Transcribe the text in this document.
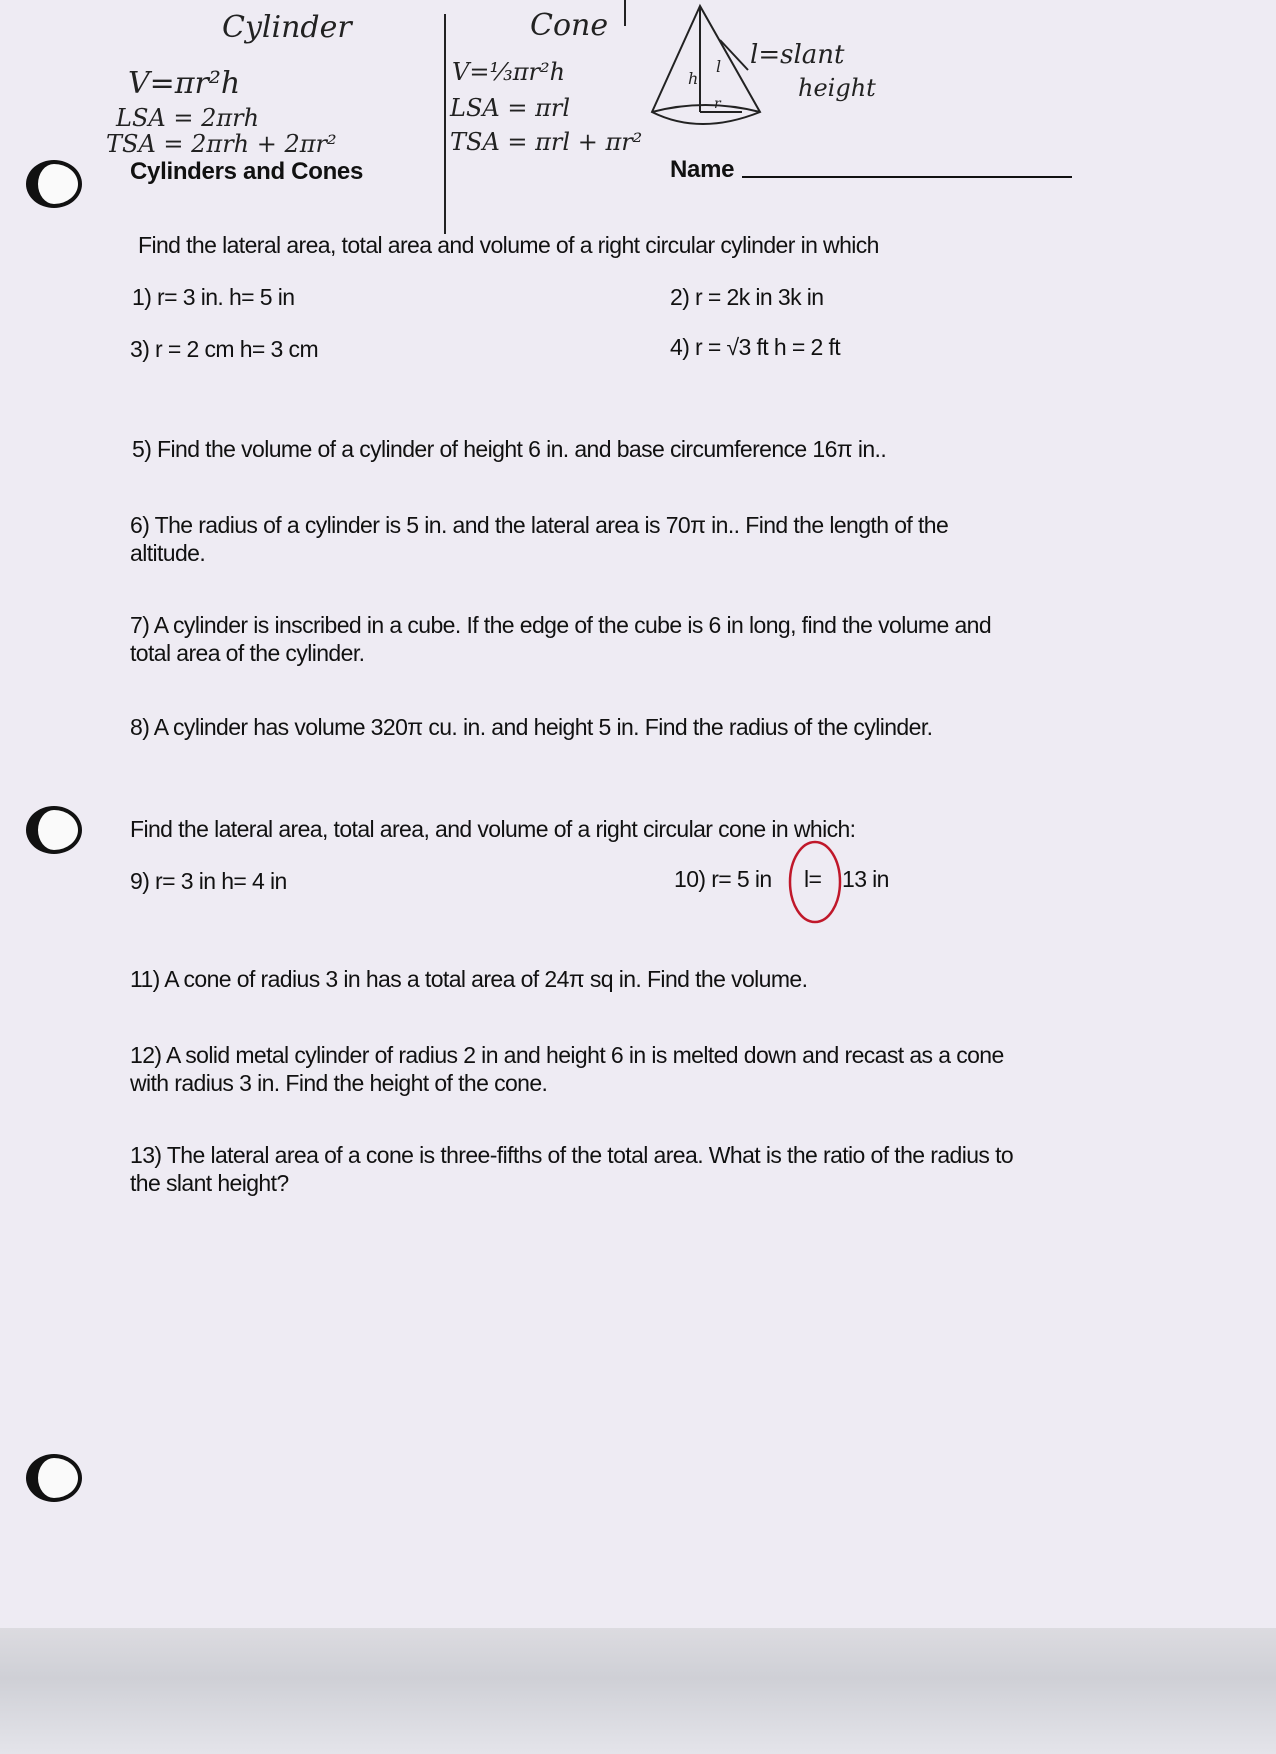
Cylinder
V=πr²h
LSA = 2πrh
TSA = 2πrh + 2πr²
Cone
V=⅓πr²h
LSA = πrl
TSA = πrl + πr²
l=slant
height
h
l
r
Cylinders and Cones	Name
Find the lateral area, total area and volume of a right circular cylinder in which
1) r= 3 in. h= 5 in	2) r = 2k in 3k in
3) r = 2 cm h= 3 cm	4) r = √3 ft h = 2 ft
5) Find the volume of a cylinder of height 6 in. and base circumference 16π in..
6) The radius of a cylinder is 5 in. and the lateral area is 70π in.. Find the length of the
altitude.
7) A cylinder is inscribed in a cube. If the edge of the cube is 6 in long, find the volume and
total area of the cylinder.
8) A cylinder has volume 320π cu. in. and height 5 in. Find the radius of the cylinder.
Find the lateral area, total area, and volume of a right circular cone in which:
9) r= 3 in h= 4 in	10) r= 5 in l= 13 in
11) A cone of radius 3 in has a total area of 24π sq in. Find the volume.
12) A solid metal cylinder of radius 2 in and height 6 in is melted down and recast as a cone
with radius 3 in. Find the height of the cone.
13) The lateral area of a cone is three-fifths of the total area. What is the ratio of the radius to
the slant height?
